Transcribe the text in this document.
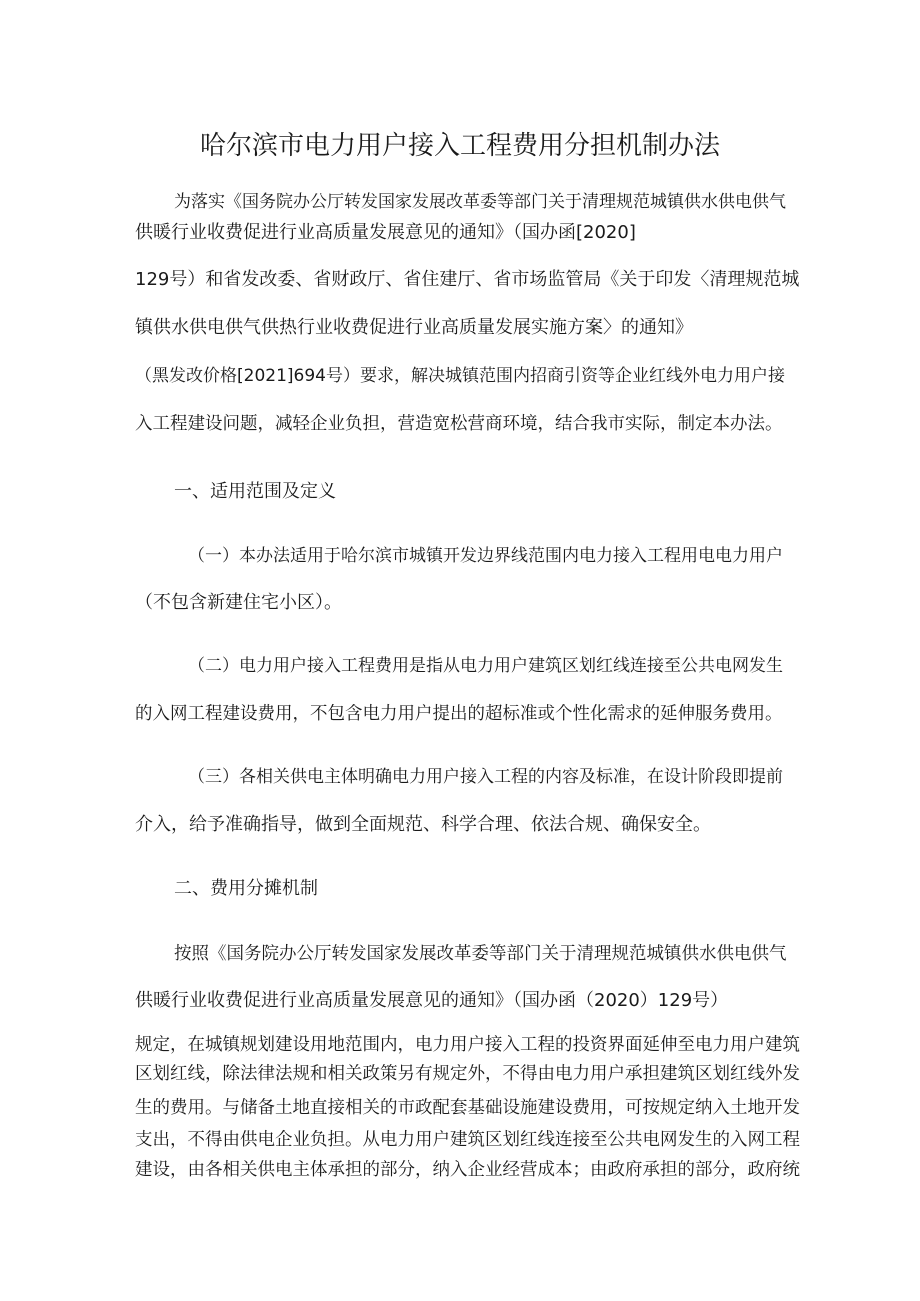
哈尔滨市电力用户接入工程费用分担机制办法
为落实《国务院办公厅转发国家发展改革委等部门关于清理规范城镇供水供电供气
供暖行业收费促进行业高质量发展意见的通知》（国办函[2020]
129号）和省发改委、省财政厅、省住建厅、省市场监管局《关于印发〈清理规范城
镇供水供电供气供热行业收费促进行业高质量发展实施方案〉的通知》
（黑发改价格[2021]694号）要求，解决城镇范围内招商引资等企业红线外电力用户接
入工程建设问题，减轻企业负担，营造宽松营商环境，结合我市实际，制定本办法。
一、适用范围及定义
（一）本办法适用于哈尔滨市城镇开发边界线范围内电力接入工程用电电力用户
（不包含新建住宅小区）。
（二）电力用户接入工程费用是指从电力用户建筑区划红线连接至公共电网发生
的入网工程建设费用，不包含电力用户提出的超标准或个性化需求的延伸服务费用。
（三）各相关供电主体明确电力用户接入工程的内容及标准，在设计阶段即提前
介入，给予准确指导，做到全面规范、科学合理、依法合规、确保安全。
二、费用分摊机制
按照《国务院办公厅转发国家发展改革委等部门关于清理规范城镇供水供电供气
供暖行业收费促进行业高质量发展意见的通知》（国办函（2020）129号）
规定，在城镇规划建设用地范围内，电力用户接入工程的投资界面延伸至电力用户建筑
区划红线，除法律法规和相关政策另有规定外，不得由电力用户承担建筑区划红线外发
生的费用。与储备土地直接相关的市政配套基础设施建设费用，可按规定纳入土地开发
支出，不得由供电企业负担。从电力用户建筑区划红线连接至公共电网发生的入网工程
建设，由各相关供电主体承担的部分，纳入企业经营成本；由政府承担的部分，政府统
